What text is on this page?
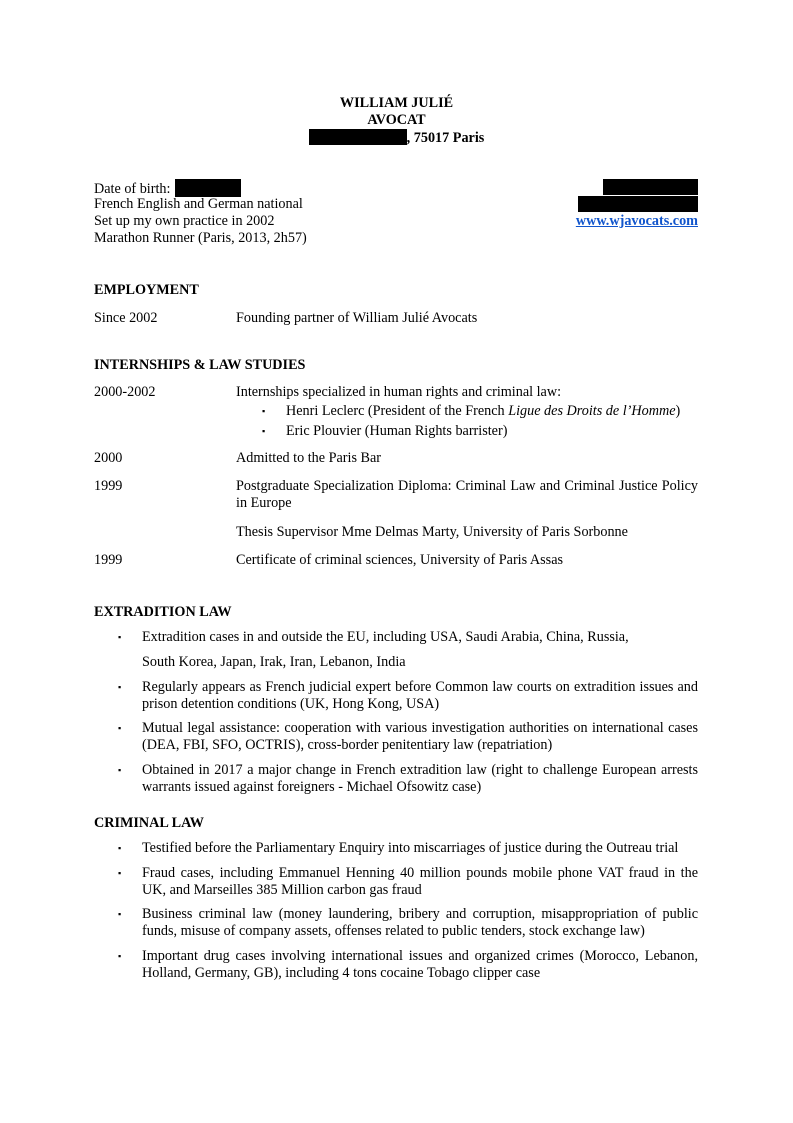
WILLIAM JULIÉ
AVOCAT
, 75017 Paris
Date of birth:
French English and German national
Set up my own practice in 2002
Marathon Runner (Paris, 2013, 2h57)
www.wjavocats.com
EMPLOYMENT
Since 2002	Founding partner of William Julié Avocats
INTERNSHIPS & LAW STUDIES
2000-2002	Internships specialized in human rights and criminal law:
▪ Henri Leclerc (President of the French Ligue des Droits de l’Homme)
▪ Eric Plouvier (Human Rights barrister)
2000	Admitted to the Paris Bar
1999	Postgraduate Specialization Diploma: Criminal Law and Criminal Justice Policy in Europe
Thesis Supervisor Mme Delmas Marty, University of Paris Sorbonne
1999	Certificate of criminal sciences, University of Paris Assas
EXTRADITION LAW
▪ Extradition cases in and outside the EU, including USA, Saudi Arabia, China, Russia,
South Korea, Japan, Irak, Iran, Lebanon, India
▪ Regularly appears as French judicial expert before Common law courts on extradition issues and prison detention conditions (UK, Hong Kong, USA)
▪ Mutual legal assistance: cooperation with various investigation authorities on international cases (DEA, FBI, SFO, OCTRIS), cross-border penitentiary law (repatriation)
▪ Obtained in 2017 a major change in French extradition law (right to challenge European arrests warrants issued against foreigners - Michael Ofsowitz case)
CRIMINAL LAW
▪ Testified before the Parliamentary Enquiry into miscarriages of justice during the Outreau trial
▪ Fraud cases, including Emmanuel Henning 40 million pounds mobile phone VAT fraud in the UK, and Marseilles 385 Million carbon gas fraud
▪ Business criminal law (money laundering, bribery and corruption, misappropriation of public funds, misuse of company assets, offenses related to public tenders, stock exchange law)
▪ Important drug cases involving international issues and organized crimes (Morocco, Lebanon, Holland, Germany, GB), including 4 tons cocaine Tobago clipper case
